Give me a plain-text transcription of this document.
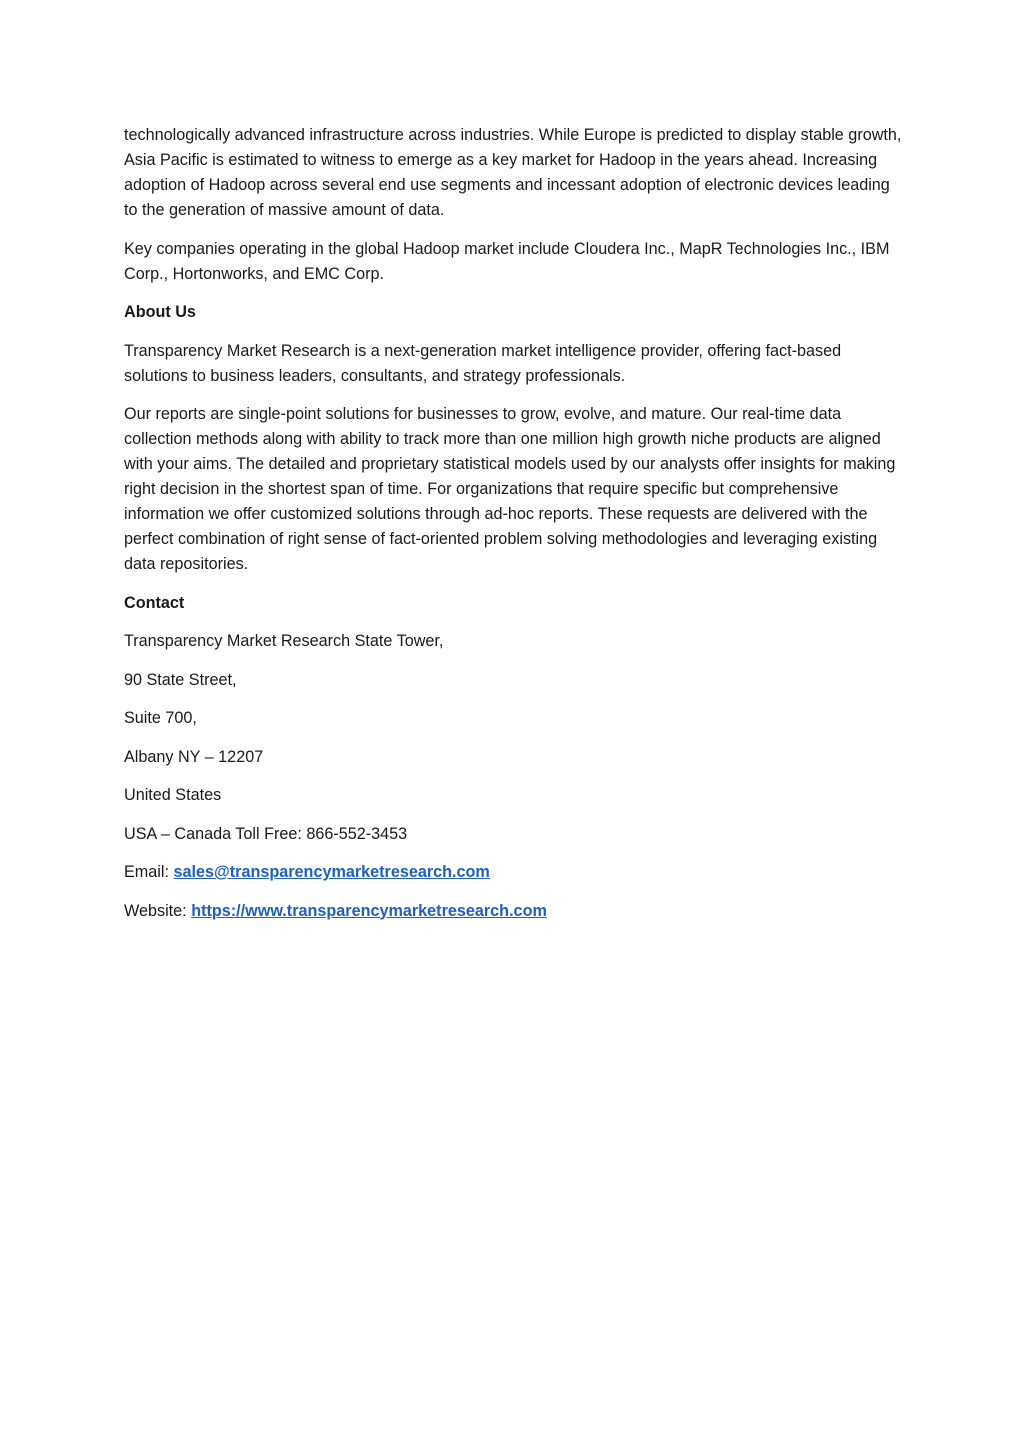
technologically advanced infrastructure across industries. While Europe is predicted to display stable growth, Asia Pacific is estimated to witness to emerge as a key market for Hadoop in the years ahead. Increasing adoption of Hadoop across several end use segments and incessant adoption of electronic devices leading to the generation of massive amount of data.

Key companies operating in the global Hadoop market include Cloudera Inc., MapR Technologies Inc., IBM Corp., Hortonworks, and EMC Corp.

About Us

Transparency Market Research is a next-generation market intelligence provider, offering fact-based solutions to business leaders, consultants, and strategy professionals.

Our reports are single-point solutions for businesses to grow, evolve, and mature. Our real-time data collection methods along with ability to track more than one million high growth niche products are aligned with your aims. The detailed and proprietary statistical models used by our analysts offer insights for making right decision in the shortest span of time. For organizations that require specific but comprehensive information we offer customized solutions through ad-hoc reports. These requests are delivered with the perfect combination of right sense of fact-oriented problem solving methodologies and leveraging existing data repositories.

Contact

Transparency Market Research State Tower,

90 State Street,

Suite 700,

Albany NY – 12207

United States

USA – Canada Toll Free: 866-552-3453

Email: sales@transparencymarketresearch.com

Website: https://www.transparencymarketresearch.com
